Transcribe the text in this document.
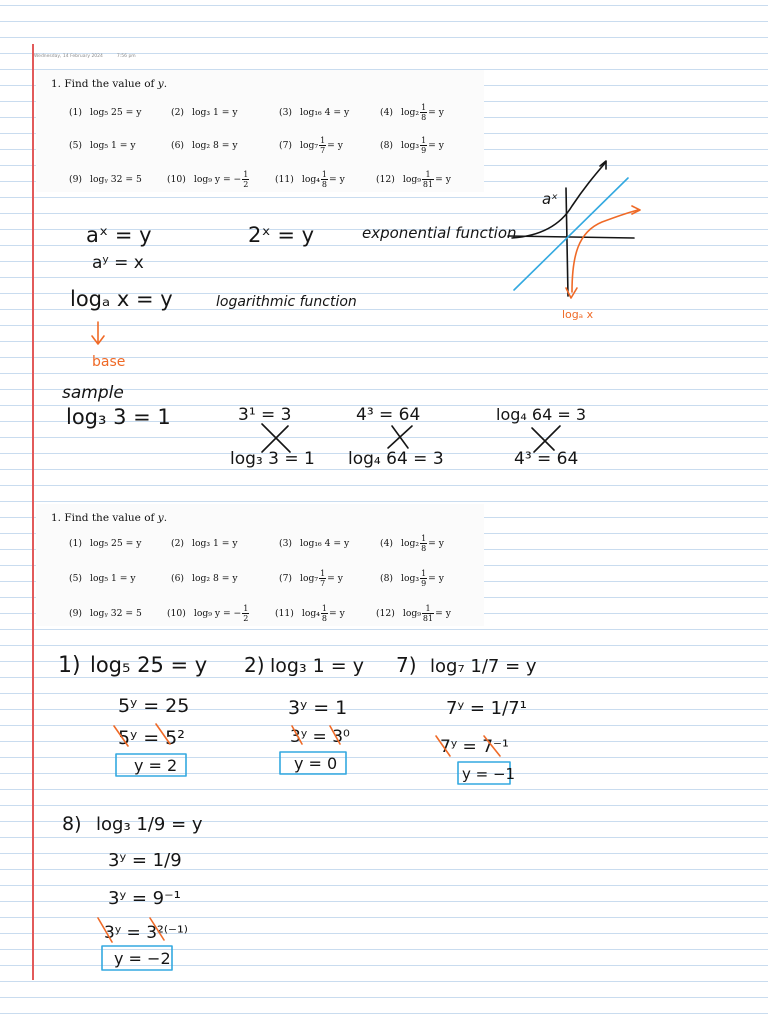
Wednesday, 14 February 2024	7:56 pm
1. Find the value of y.
(1) log₅ 25 = y	(2) log₃ 1 = y	(3) log₁₆ 4 = y	(4) $\log_2 \frac{1}{8} = y$
(5) log₅ 1 = y	(6) log₂ 8 = y	(7) $\log_7 \frac{1}{7} = y$	(8) $\log_3 \frac{1}{9} = y$
(9) logᵧ 32 = 5	(10) log₉ y = − $\frac{1}{2}$	(11) $\log_4 \frac{1}{8} = y$	(12) $\log_9 \frac{1}{81} = y$
1. Find the value of y.
(1) log₅ 25 = y	(2) log₃ 1 = y	(3) log₁₆ 4 = y	(4) $\log_2 \frac{1}{8} = y$
(5) log₅ 1 = y	(6) log₂ 8 = y	(7) $\log_7 \frac{1}{7} = y$	(8) $\log_3 \frac{1}{9} = y$
(9) logᵧ 32 = 5	(10) log₉ y = − $\frac{1}{2}$	(11) $\log_4 \frac{1}{8} = y$	(12) $\log_9 \frac{1}{81} = y$
aˣ = y	2ˣ = y	exponential function
aʸ = x
logₐ x = y	logarithmic function
base
aˣ
logₐ x
sample
log₃ 3 = 1	3¹ = 3
log₃ 3 = 1
4³ = 64
log₄ 64 = 3
log₄ 64 = 3
4³ = 64
1) log₅ 25 = y
5ʸ = 25
5ʸ = 5²
y = 2
2) log₃ 1 = y
3ʸ = 1
3ʸ = 3⁰
y = 0
7) log₇ 1/7 = y
7ʸ = 1/7¹
7ʸ = 7⁻¹
y = −1
8) log₃ 1/9 = y
3ʸ = 1/9
3ʸ = 9⁻¹
3ʸ = 3²⁽⁻¹⁾
y = −2
